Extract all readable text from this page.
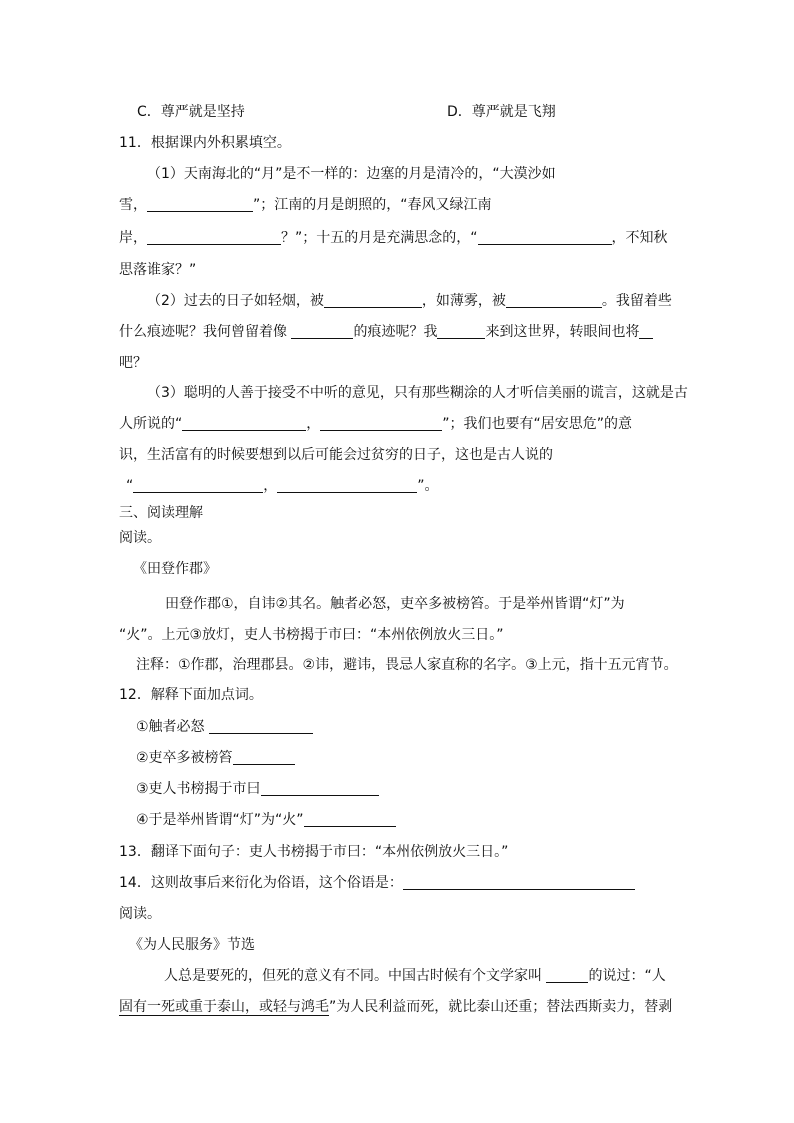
C．尊严就是坚持	D．尊严就是飞翔
11．根据课内外积累填空。
（1）天南海北的“月”是不一样的：边塞的月是清冷的，“大漠沙如
雪，	”；江南的月是朗照的，“春风又绿江南
岸，	？”；十五的月是充满思念的，“	，不知秋
思落谁家？”
（2）过去的日子如轻烟，被	，如薄雾，被	。我留着些
什么痕迹呢？我何曾留着像	的痕迹呢？我	来到这世界，转眼间也将
吧？
（3）聪明的人善于接受不中听的意见，只有那些糊涂的人才听信美丽的谎言，这就是古
人所说的“	，	”；我们也要有“居安思危”的意
识，生活富有的时候要想到以后可能会过贫穷的日子，这也是古人说的
“	，	”。
三、阅读理解
阅读。
《田登作郡》
田登作郡①，自讳②其名。触者必怒，吏卒多被榜笞。于是举州皆谓“灯”为
“火”。上元③放灯，吏人书榜揭于市曰：“本州依例放火三日。”
注释：①作郡，治理郡县。②讳，避讳，畏忌人家直称的名字。③上元，指十五元宵节。
12．解释下面加点词。
①触者必怒
②吏卒多被榜笞
③吏人书榜揭于市曰
④于是举州皆谓“灯”为“火”
13．翻译下面句子：吏人书榜揭于市曰：“本州依例放火三日。”
14．这则故事后来衍化为俗语，这个俗语是：
阅读。
《为人民服务》节选
人总是要死的，但死的意义有不同。中国古时候有个文学家叫	的说过：“人
固有一死或重于泰山，或轻与鸿毛”为人民利益而死，就比泰山还重；替法西斯卖力，替剥
